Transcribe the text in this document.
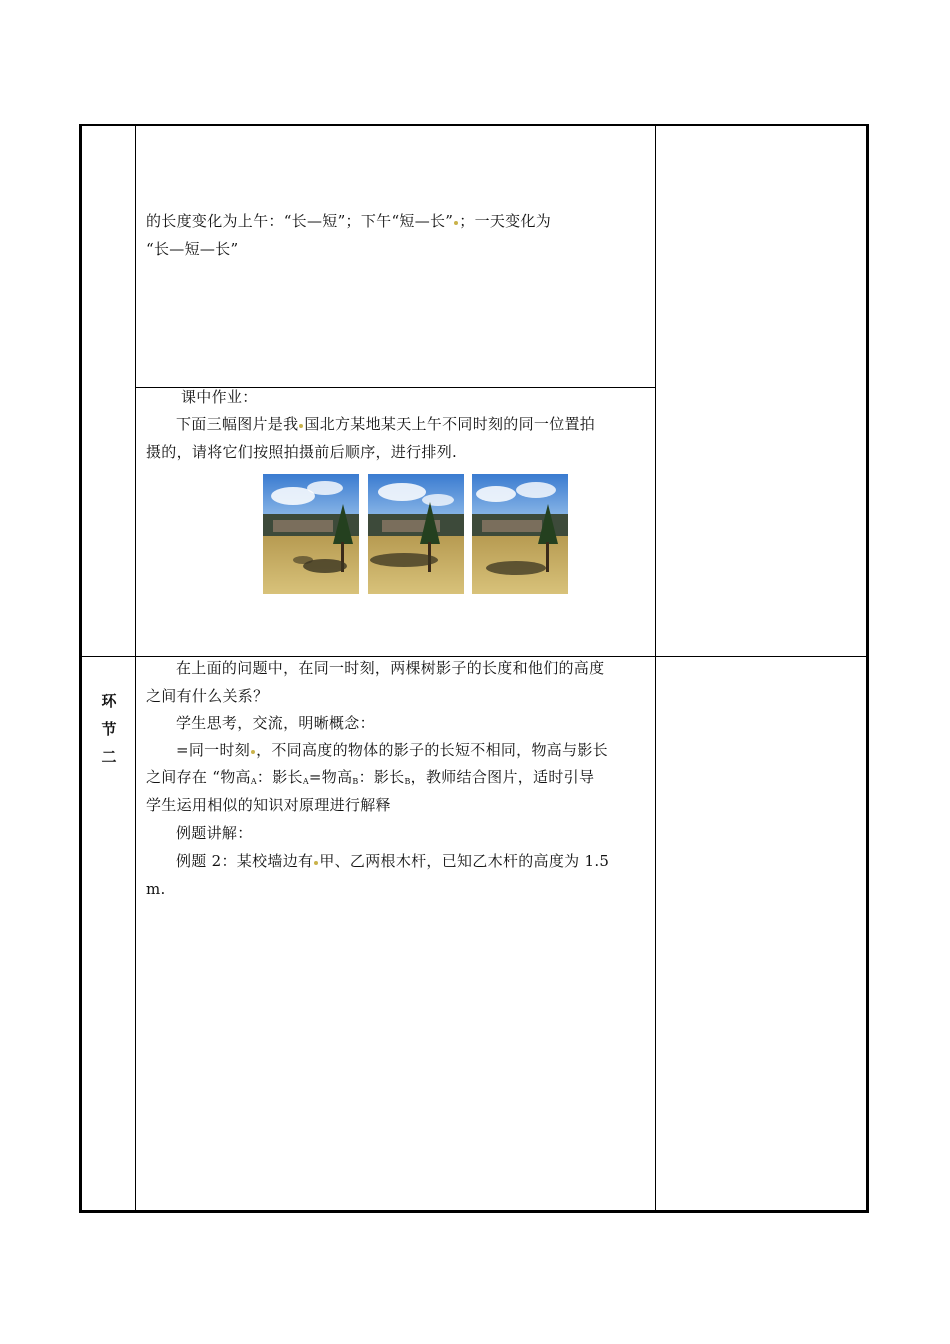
的长度变化为上午：“长—短”；下午“短—长” ；一天变化为
“长—短—长”
课中作业：
下面三幅图片是我 国北方某地某天上午不同时刻的同一位置拍
摄的，请将它们按照拍摄前后顺序，进行排列.
环
节
二
在上面的问题中，在同一时刻，两棵树影子的长度和他们的高度
之间有什么关系？
学生思考，交流，明晰概念：
=同一时刻 ，不同高度的物体的影子的长短不相同，物高与影长
之间存在 “物高$_A$：影长$_A$=物高$_B$：影长$_B$，教师结合图片，适时引导
学生运用相似的知识对原理进行解释
例题讲解：
例题 2：某校墙边有 甲、乙两根木杆，已知乙木杆的高度为 1.5
m.
